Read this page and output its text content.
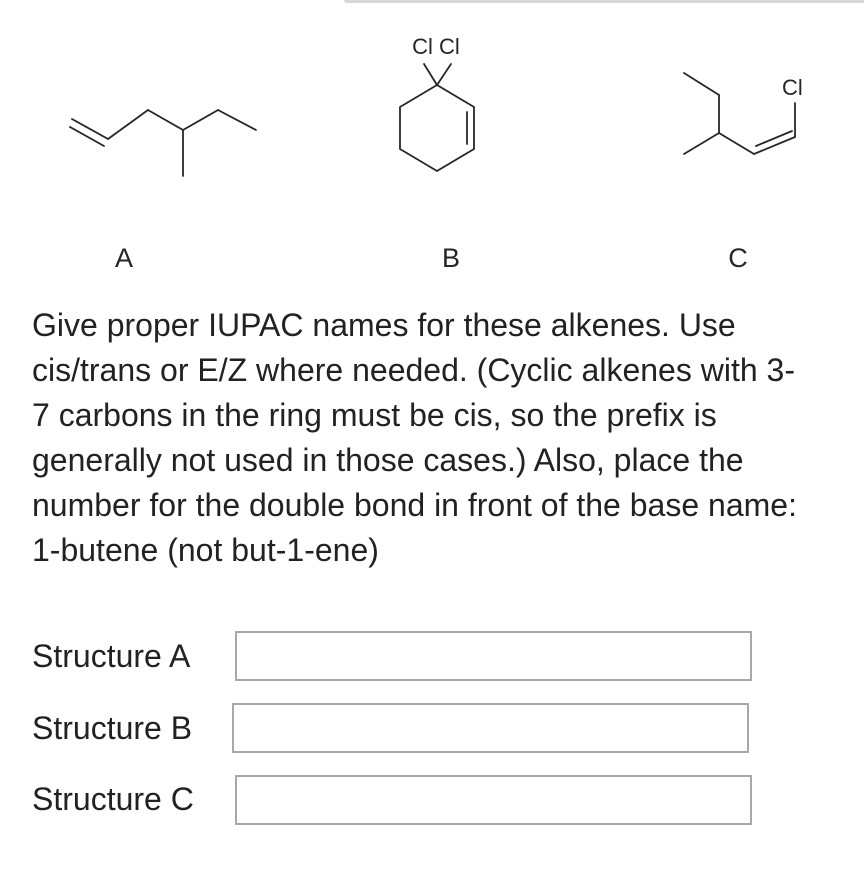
Cl Cl
Cl
A	B	C

Give proper IUPAC names for these alkenes. Use cis/trans or E/Z where needed. (Cyclic alkenes with 3-7 carbons in the ring must be cis, so the prefix is generally not used in those cases.) Also, place the number for the double bond in front of the base name: 1-butene (not but-1-ene)

Structure A
Structure B
Structure C
